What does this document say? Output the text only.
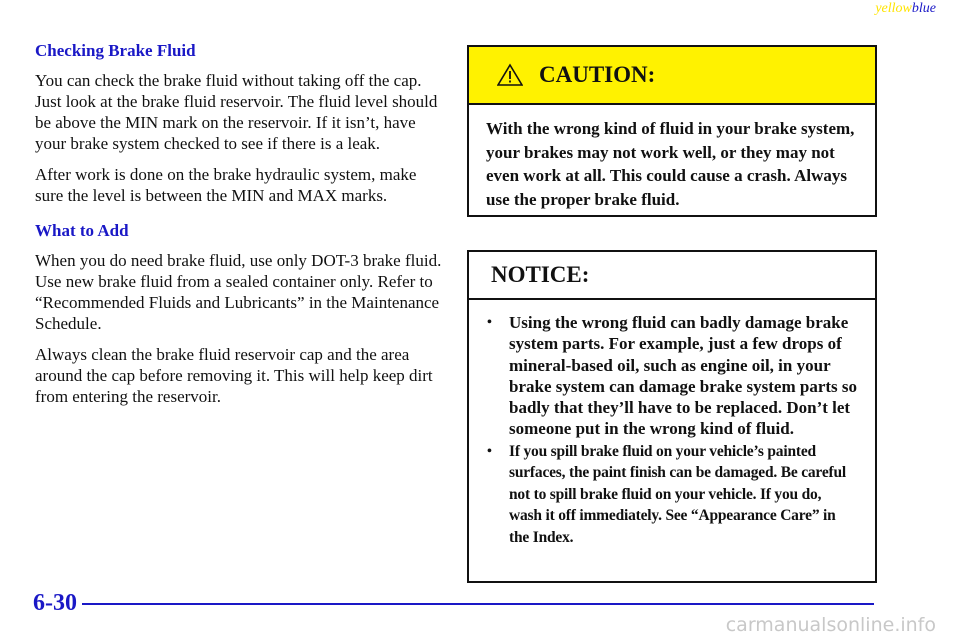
yellowblue
Checking Brake Fluid

You can check the brake fluid without taking off the cap. Just look at the brake fluid reservoir. The fluid level should be above the MIN mark on the reservoir. If it isn’t, have your brake system checked to see if there is a leak.

After work is done on the brake hydraulic system, make sure the level is between the MIN and MAX marks.

What to Add

When you do need brake fluid, use only DOT-3 brake fluid. Use new brake fluid from a sealed container only. Refer to “Recommended Fluids and Lubricants” in the Maintenance Schedule.

Always clean the brake fluid reservoir cap and the area around the cap before removing it. This will help keep dirt from entering the reservoir.

CAUTION:
With the wrong kind of fluid in your brake system, your brakes may not work well, or they may not even work at all. This could cause a crash. Always use the proper brake fluid.
NOTICE:
•	Using the wrong fluid can badly damage brake system parts. For example, just a few drops of mineral-based oil, such as engine oil, in your brake system can damage brake system parts so badly that they’ll have to be replaced. Don’t let someone put in the wrong kind of fluid.
•	If you spill brake fluid on your vehicle’s painted surfaces, the paint finish can be damaged. Be careful not to spill brake fluid on your vehicle. If you do, wash it off immediately. See “Appearance Care” in the Index.
6-30
carmanualsonline.info
